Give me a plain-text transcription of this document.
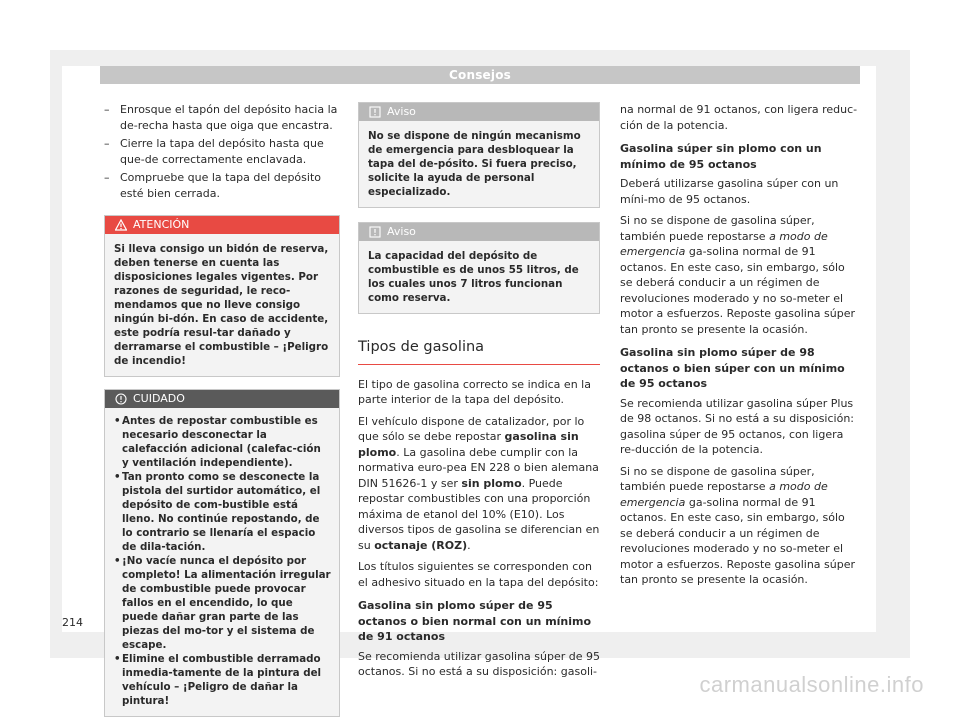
Consejos
– Enrosque el tapón del depósito hacia la de-recha hasta que oiga que encastra.
– Cierre la tapa del depósito hasta que que-de correctamente enclavada.
– Compruebe que la tapa del depósito esté bien cerrada.
ATENCIÓN
Si lleva consigo un bidón de reserva, deben tenerse en cuenta las disposiciones legales vigentes. Por razones de seguridad, le reco-mendamos que no lleve consigo ningún bi-dón. En caso de accidente, este podría resul-tar dañado y derramarse el combustible – ¡Peligro de incendio!
CUIDADO
• Antes de repostar combustible es necesario desconectar la calefacción adicional (calefac-ción y ventilación independiente).
• Tan pronto como se desconecte la pistola del surtidor automático, el depósito de com-bustible está lleno. No continúe repostando, de lo contrario se llenaría el espacio de dila-tación.
• ¡No vacíe nunca el depósito por completo! La alimentación irregular de combustible puede provocar fallos en el encendido, lo que puede dañar gran parte de las piezas del mo-tor y el sistema de escape.
• Elimine el combustible derramado inmedia-tamente de la pintura del vehículo – ¡Peligro de dañar la pintura!
Aviso
No se dispone de ningún mecanismo de emergencia para desbloquear la tapa del de-pósito. Si fuera preciso, solicite la ayuda de personal especializado.
Aviso
La capacidad del depósito de combustible es de unos 55 litros, de los cuales unos 7 litros funcionan como reserva.
Tipos de gasolina

El tipo de gasolina correcto se indica en la parte interior de la tapa del depósito.

El vehículo dispone de catalizador, por lo que sólo se debe repostar gasolina sin plomo. La gasolina debe cumplir con la normativa euro-pea EN 228 o bien alemana DIN 51626-1 y ser sin plomo. Puede repostar combustibles con una proporción máxima de etanol del 10% (E10). Los diversos tipos de gasolina se diferencian en su octanaje (ROZ).

Los títulos siguientes se corresponden con el adhesivo situado en la tapa del depósito:

Gasolina sin plomo súper de 95 octanos o bien normal con un mínimo de 91 octanos

Se recomienda utilizar gasolina súper de 95 octanos. Si no está a su disposición: gasoli-

na normal de 91 octanos, con ligera reduc-ción de la potencia.

Gasolina súper sin plomo con un mínimo de 95 octanos

Deberá utilizarse gasolina súper con un míni-mo de 95 octanos.

Si no se dispone de gasolina súper, también puede repostarse a modo de emergencia ga-solina normal de 91 octanos. En este caso, sin embargo, sólo se deberá conducir a un régimen de revoluciones moderado y no so-meter el motor a esfuerzos. Reposte gasolina súper tan pronto se presente la ocasión.

Gasolina sin plomo súper de 98 octanos o bien súper con un mínimo de 95 octanos

Se recomienda utilizar gasolina súper Plus de 98 octanos. Si no está a su disposición: gasolina súper de 95 octanos, con ligera re-ducción de la potencia.

Si no se dispone de gasolina súper, también puede repostarse a modo de emergencia ga-solina normal de 91 octanos. En este caso, sin embargo, sólo se deberá conducir a un régimen de revoluciones moderado y no so-meter el motor a esfuerzos. Reposte gasolina súper tan pronto se presente la ocasión.

214
carmanualsonline.info
